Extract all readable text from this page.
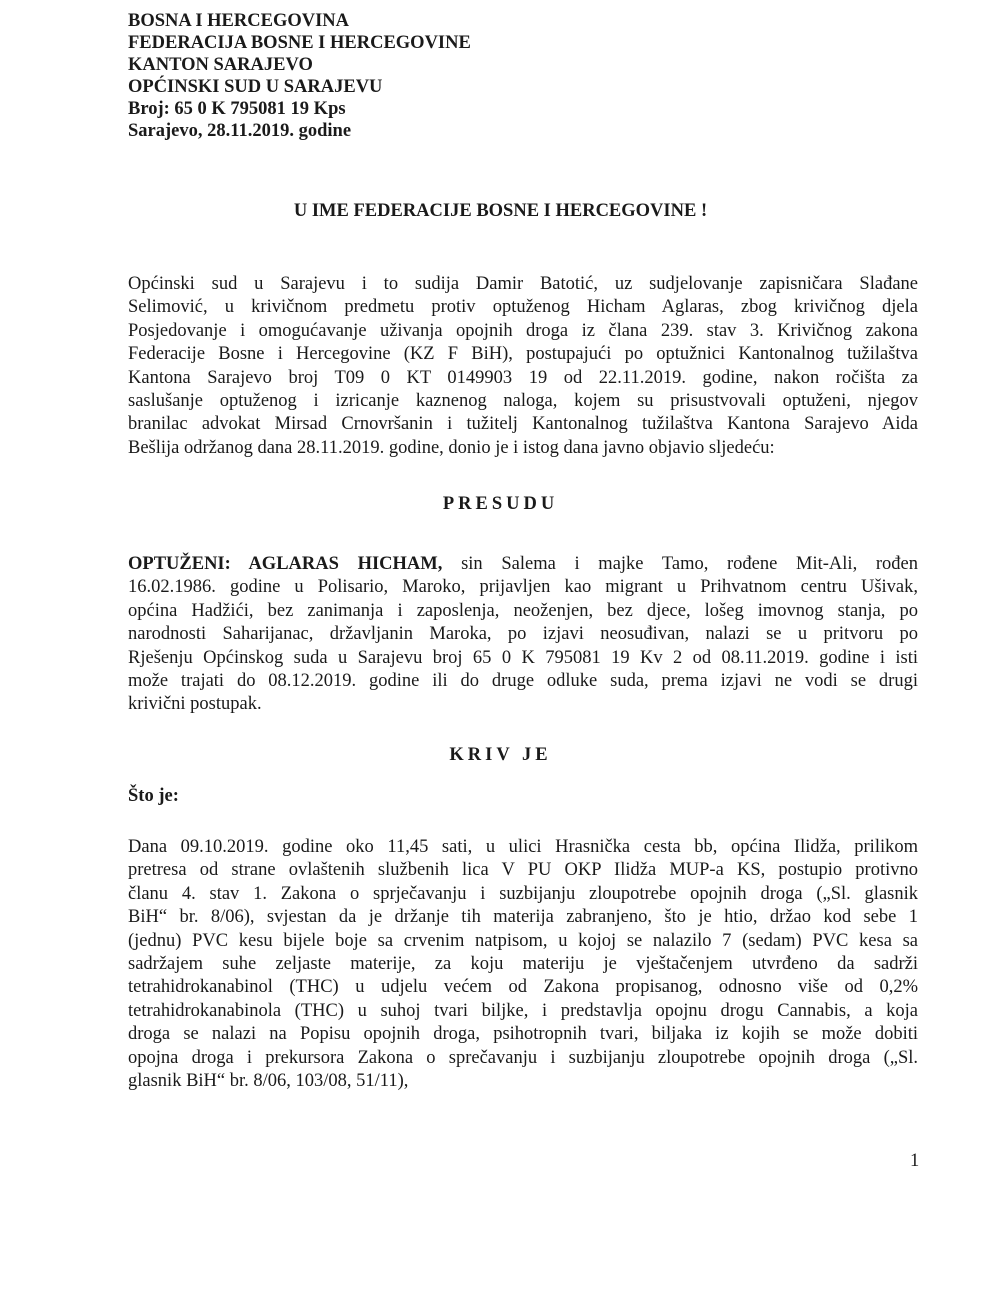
BOSNA I HERCEGOVINA
FEDERACIJA BOSNE I HERCEGOVINE
KANTON SARAJEVO
OPĆINSKI SUD U SARAJEVU
Broj: 65 0 K 795081 19 Kps
Sarajevo, 28.11.2019. godine
U IME FEDERACIJE BOSNE I HERCEGOVINE !
Općinski sud u Sarajevu i to sudija Damir Batotić, uz sudjelovanje zapisničara Slađane
Selimović, u krivičnom predmetu protiv optuženog Hicham Aglaras, zbog krivičnog djela
Posjedovanje i omogućavanje uživanja opojnih droga iz člana 239. stav 3. Krivičnog zakona
Federacije Bosne i Hercegovine (KZ F BiH), postupajući po optužnici Kantonalnog tužilaštva
Kantona Sarajevo broj T09 0 KT 0149903 19 od 22.11.2019. godine, nakon ročišta za
saslušanje optuženog i izricanje kaznenog naloga, kojem su prisustvovali optuženi, njegov
branilac advokat Mirsad Crnovršanin i tužitelj Kantonalnog tužilaštva Kantona Sarajevo Aida
Bešlija održanog dana 28.11.2019. godine, donio je i istog dana javno objavio sljedeću:
PRESUDU
OPTUŽENI: AGLARAS HICHAM, sin Salema i majke Tamo, rođene Mit-Ali, rođen
16.02.1986. godine u Polisario, Maroko, prijavljen kao migrant u Prihvatnom centru Ušivak,
općina Hadžići, bez zanimanja i zaposlenja, neoženjen, bez djece, lošeg imovnog stanja, po
narodnosti Saharijanac, državljanin Maroka, po izjavi neosuđivan, nalazi se u pritvoru po
Rješenju Općinskog suda u Sarajevu broj 65 0 K 795081 19 Kv 2 od 08.11.2019. godine i isti
može trajati do 08.12.2019. godine ili do druge odluke suda, prema izjavi ne vodi se drugi
krivični postupak.
KRIV JE
Što je:
Dana 09.10.2019. godine oko 11,45 sati, u ulici Hrasnička cesta bb, općina Ilidža, prilikom
pretresa od strane ovlaštenih službenih lica V PU OKP Ilidža MUP-a KS, postupio protivno
članu 4. stav 1. Zakona o sprječavanju i suzbijanju zloupotrebe opojnih droga („Sl. glasnik
BiH“ br. 8/06), svjestan da je držanje tih materija zabranjeno, što je htio, držao kod sebe 1
(jednu) PVC kesu bijele boje sa crvenim natpisom, u kojoj se nalazilo 7 (sedam) PVC kesa sa
sadržajem suhe zeljaste materije, za koju materiju je vještačenjem utvrđeno da sadrži
tetrahidrokanabinol (THC) u udjelu većem od Zakona propisanog, odnosno više od 0,2%
tetrahidrokanabinola (THC) u suhoj tvari biljke, i predstavlja opojnu drogu Cannabis, a koja
droga se nalazi na Popisu opojnih droga, psihotropnih tvari, biljaka iz kojih se može dobiti
opojna droga i prekursora Zakona o sprečavanju i suzbijanju zloupotrebe opojnih droga („Sl.
glasnik BiH“ br. 8/06, 103/08, 51/11),
1
